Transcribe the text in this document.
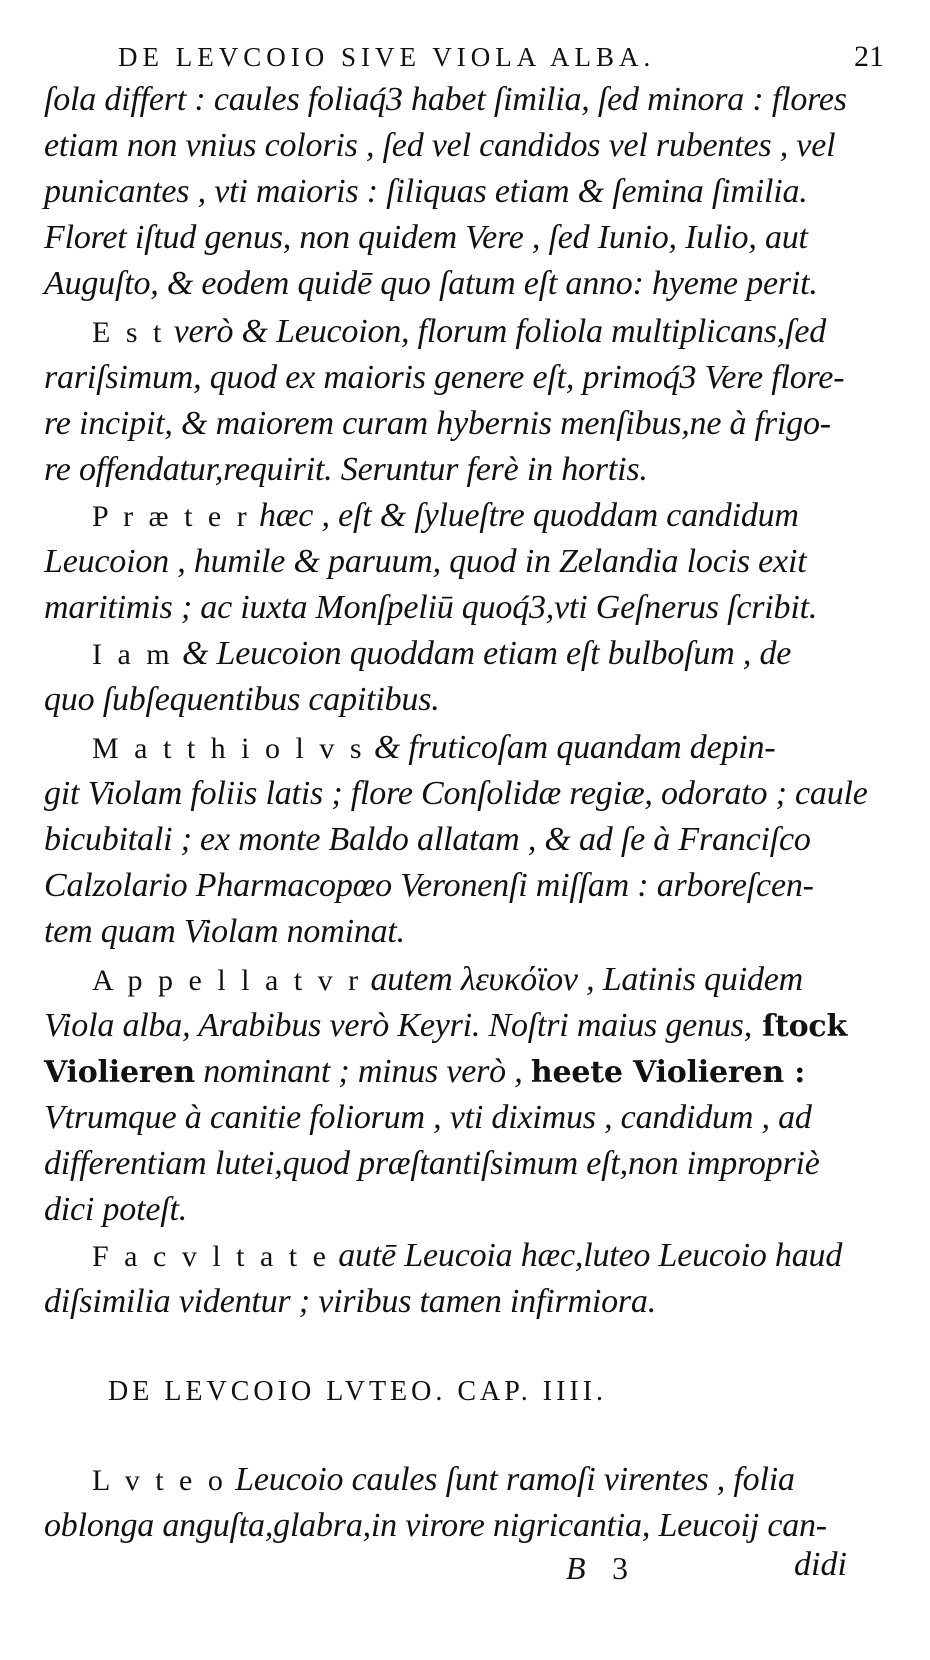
DE LEVCOIO SIVE VIOLA ALBA.	21
ſola differt : caules foliaq́3 habet ſimilia, ſed minora : flores
etiam non vnius coloris , ſed vel candidos vel rubentes , vel
punicantes , vti maioris : ſiliquas etiam & ſemina ſimilia.
Floret iſtud genus, non quidem Vere , ſed Iunio, Iulio, aut
Auguſto, & eodem quidē quo ſatum eſt anno: hyeme perit.
E s t verò & Leucoion, florum foliola multiplicans,ſed
rariſsimum, quod ex maioris genere eſt, primoq́3 Vere flore-
re incipit, & maiorem curam hybernis menſibus,ne à frigo-
re offendatur,requirit. Seruntur ferè in hortis.
P r æ t e r hæc , eſt & ſylueſtre quoddam candidum
Leucoion , humile & paruum, quod in Zelandia locis exit
maritimis ; ac iuxta Monſpeliū quoq́3,vti Geſnerus ſcribit.
I a m & Leucoion quoddam etiam eſt bulboſum , de
quo ſubſequentibus capitibus.
M a t t h i o l v s & fruticoſam quandam depin-
git Violam foliis latis ; flore Conſolidæ regiæ, odorato ; caule
bicubitali ; ex monte Baldo allatam , & ad ſe à Franciſco
Calzolario Pharmacopœo Veronenſi miſſam : arboreſcen-
tem quam Violam nominat.
A p p e l l a t v r autem λευκόϊον , Latinis quidem
Viola alba, Arabibus verò Keyri. Noſtri maius genus, ſtock
Violieren nominant ; minus verò , heete Violieren :
Vtrumque à canitie foliorum , vti diximus , candidum , ad
differentiam lutei,quod præſtantiſsimum eſt,non impropriè
dici poteſt.
F a c v l t a t e autē Leucoia hæc,luteo Leucoio haud
diſsimilia videntur ; viribus tamen infirmiora.
DE LEVCOIO LVTEO. CAP. IIII.
L v t e o Leucoio caules ſunt ramoſi virentes , folia
oblonga anguſta,glabra,in virore nigricantia, Leucoij can-
B 3	didi
